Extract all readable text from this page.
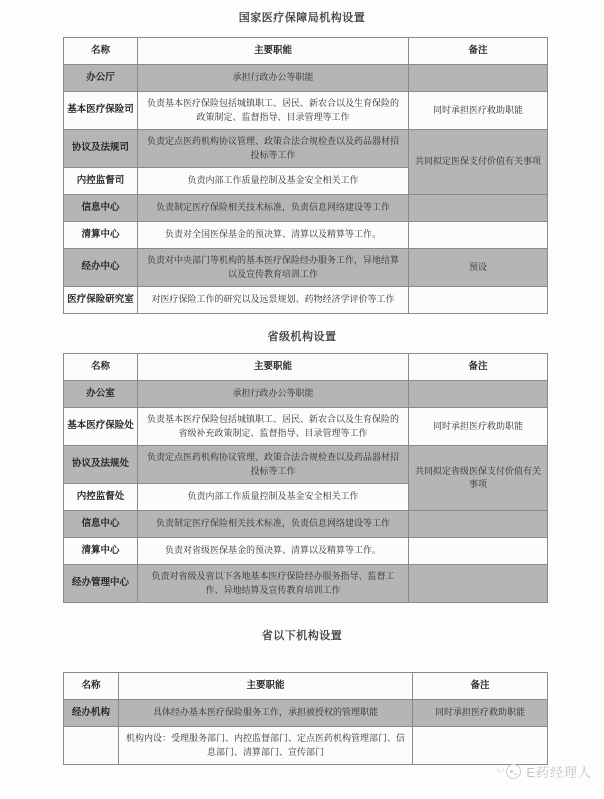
国家医疗保障局机构设置
名称	主要职能	备注
办公厅	承担行政办公等职能	
基本医疗保险司	负责基本医疗保险包括城镇职工、居民、新农合以及生育保险的政策制定、监督指导、目录管理等工作	同时承担医疗救助职能
协议及法规司	负责定点医药机构协议管理、政策合法合规检查以及药品器材招投标等工作	共同拟定医保支付价值有关事项
内控监督司	负责内部工作质量控制及基金安全相关工作	
信息中心	负责制定医疗保险相关技术标准，负责信息网络建设等工作	
清算中心	负责对全国医保基金的预决算、清算以及精算等工作。	
经办中心	负责对中央部门等机构的基本医疗保险经办服务工作，异地结算以及宣传教育培训工作	预设
医疗保险研究室	对医疗保险工作的研究以及远景规划、药物经济学评价等工作	
省级机构设置
名称	主要职能	备注
办公室	承担行政办公等职能	
基本医疗保险处	负责基本医疗保险包括城镇职工、居民、新农合以及生育保险的省级补充政策制定、监督指导、目录管理等工作	同时承担医疗救助职能
协议及法规处	负责定点医药机构协议管理、政策合法合规检查以及药品器材招投标等工作	共同拟定省级医保支付价值有关事项
内控监督处	负责内部工作质量控制及基金安全相关工作	
信息中心	负责制定医疗保险相关技术标准，负责信息网络建设等工作	
清算中心	负责对省级医保基金的预决算、清算以及精算等工作。	
经办管理中心	负责对省级及省以下各地基本医疗保险经办服务指导、监督工作、异地结算及宣传教育培训工作	
省以下机构设置
名称	主要职能	备注
经办机构	具体经办基本医疗保险服务工作，承担被授权的管理职能	同时承担医疗救助职能
	机构内设：受理服务部门、内控监督部门、定点医药机构管理部门、信息部门、清算部门、宣传部门	
◡ E药经理人
